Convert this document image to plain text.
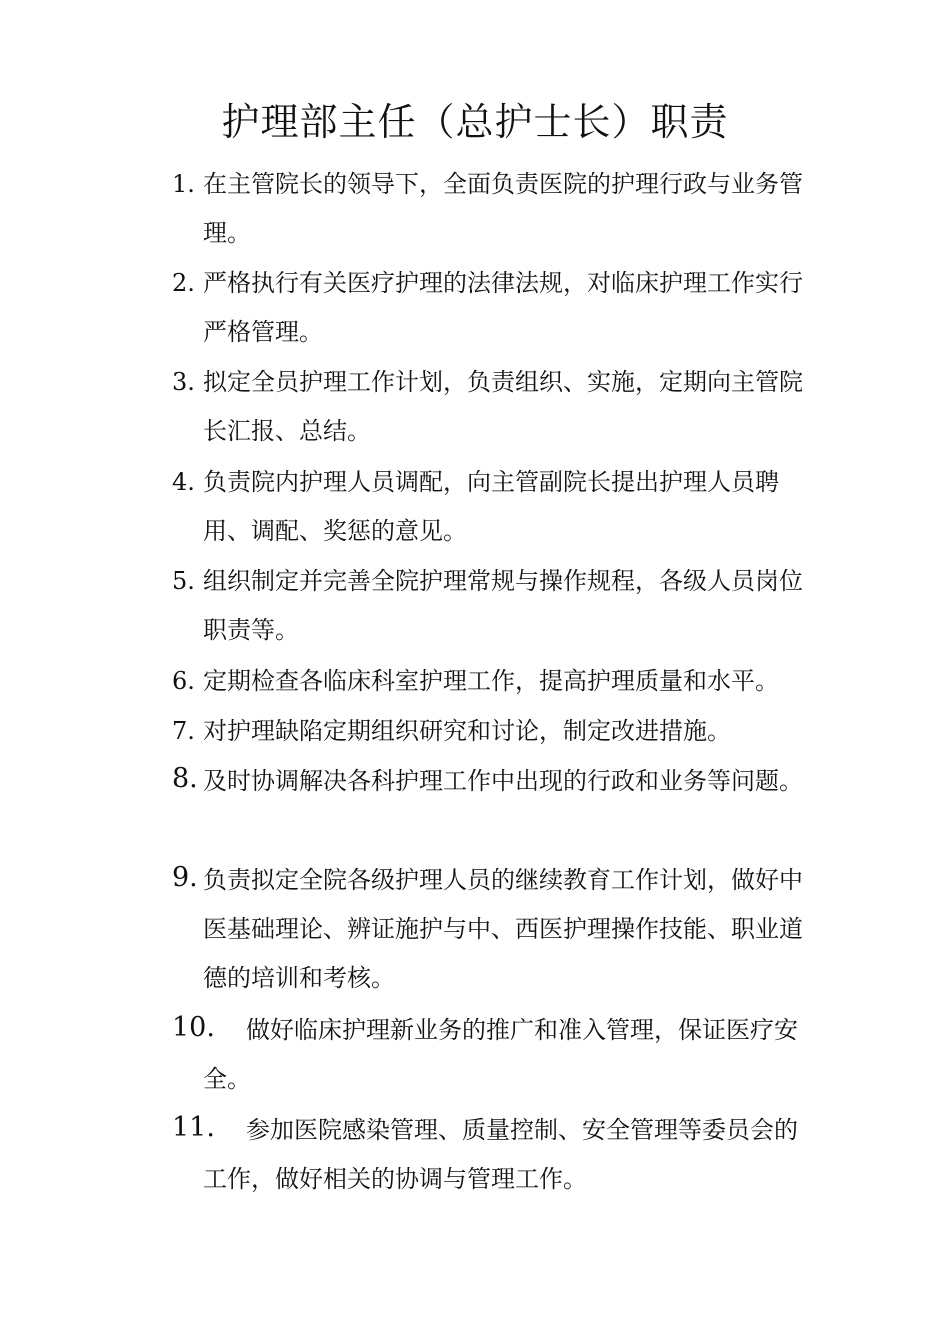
护理部主任（总护士长）职责
1. 在主管院长的领导下，全面负责医院的护理行政与业务管理。
2. 严格执行有关医疗护理的法律法规，对临床护理工作实行严格管理。
3. 拟定全员护理工作计划，负责组织、实施，定期向主管院长汇报、总结。
4. 负责院内护理人员调配，向主管副院长提出护理人员聘用、调配、奖惩的意见。
5. 组织制定并完善全院护理常规与操作规程，各级人员岗位职责等。
6. 定期检查各临床科室护理工作，提高护理质量和水平。
7. 对护理缺陷定期组织研究和讨论，制定改进措施。
8. 及时协调解决各科护理工作中出现的行政和业务等问题。
9. 负责拟定全院各级护理人员的继续教育工作计划，做好中医基础理论、辨证施护与中、西医护理操作技能、职业道德的培训和考核。
10.	做好临床护理新业务的推广和准入管理，保证医疗安全。
11.	参加医院感染管理、质量控制、安全管理等委员会的工作，做好相关的协调与管理工作。
